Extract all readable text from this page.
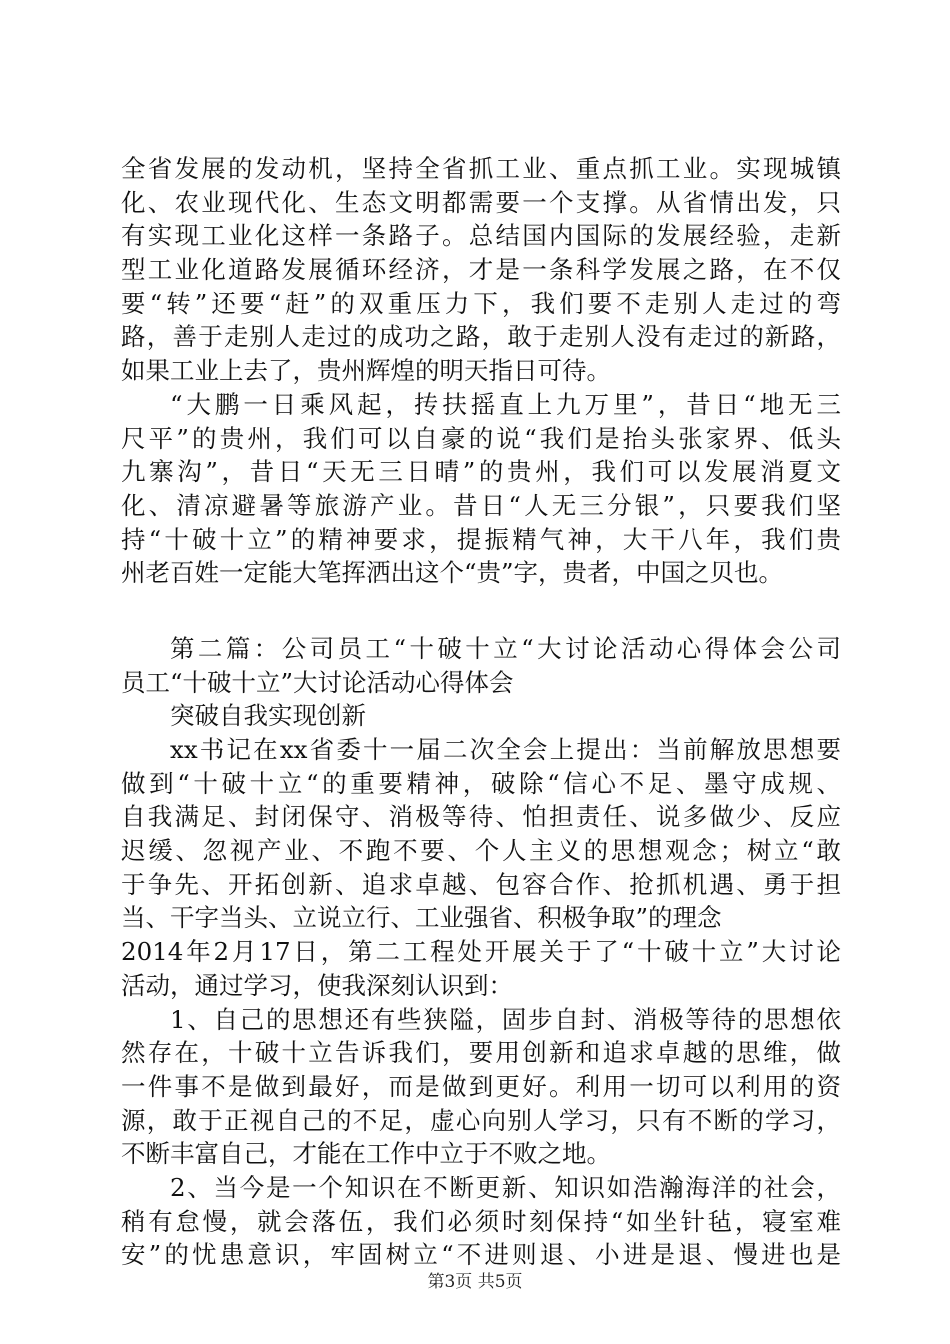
全省发展的发动机，坚持全省抓工业、重点抓工业。实现城镇
化、农业现代化、生态文明都需要一个支撑。从省情出发，只
有实现工业化这样一条路子。总结国内国际的发展经验，走新
型工业化道路发展循环经济，才是一条科学发展之路，在不仅
要“转”还要“赶”的双重压力下，我们要不走别人走过的弯
路，善于走别人走过的成功之路，敢于走别人没有走过的新路，
如果工业上去了，贵州辉煌的明天指日可待。
“大鹏一日乘风起，抟扶摇直上九万里”，昔日“地无三
尺平”的贵州，我们可以自豪的说“我们是抬头张家界、低头
九寨沟”，昔日“天无三日晴”的贵州，我们可以发展消夏文
化、清凉避暑等旅游产业。昔日“人无三分银”，只要我们坚
持“十破十立”的精神要求，提振精气神，大干八年，我们贵
州老百姓一定能大笔挥洒出这个“贵”字，贵者，中国之贝也。
第二篇：公司员工“十破十立“大讨论活动心得体会公司
员工“十破十立”大讨论活动心得体会
突破自我实现创新
xx书记在xx省委十一届二次全会上提出：当前解放思想要
做到“十破十立“的重要精神，破除“信心不足、墨守成规、
自我满足、封闭保守、消极等待、怕担责任、说多做少、反应
迟缓、忽视产业、不跑不要、个人主义的思想观念；树立“敢
于争先、开拓创新、追求卓越、包容合作、抢抓机遇、勇于担
当、干字当头、立说立行、工业强省、积极争取”的理念
2014年2月17日，第二工程处开展关于了“十破十立”大讨论
活动，通过学习，使我深刻认识到：
1、自己的思想还有些狭隘，固步自封、消极等待的思想依
然存在，十破十立告诉我们，要用创新和追求卓越的思维，做
一件事不是做到最好，而是做到更好。利用一切可以利用的资
源，敢于正视自己的不足，虚心向别人学习，只有不断的学习，
不断丰富自己，才能在工作中立于不败之地。
2、当今是一个知识在不断更新、知识如浩瀚海洋的社会，
稍有怠慢，就会落伍，我们必须时刻保持“如坐针毡，寝室难
安”的忧患意识，牢固树立“不进则退、小进是退、慢进也是
第3页 共5页
